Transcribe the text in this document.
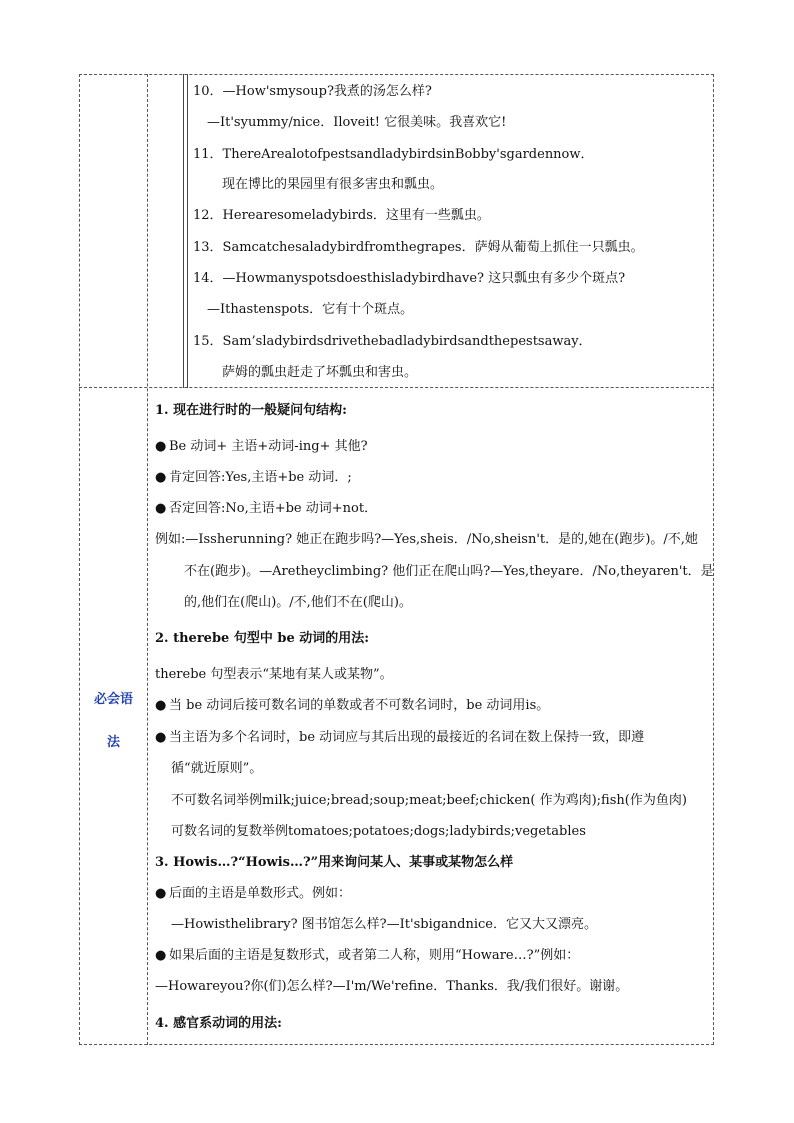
10．—How'smysoup?我煮的汤怎么样?
—It'syummy/nice．Iloveit! 它很美味。我喜欢它!
11．ThereArealotofpestsandladybirdsinBobby'sgardennow．
现在博比的果园里有很多害虫和瓢虫。
12．Herearesomeladybirds．这里有一些瓢虫。
13．Samcatchesaladybirdfromthegrapes．萨姆从葡萄上抓住一只瓢虫。
14．—Howmanyspotsdoesthisladybirdhave? 这只瓢虫有多少个斑点?
—Ithastenspots．它有十个斑点。
15．Sam’sladybirdsdrivethebadladybirdsandthepestsaway．
萨姆的瓢虫赶走了坏瓢虫和害虫。
必会语
法
1. 现在进行时的一般疑问句结构:
● Be 动词+ 主语+动词-ing+ 其他?
● 肯定回答:Yes,主语+be 动词．;
● 否定回答:No,主语+be 动词+not．
例如:—Issherunning? 她正在跑步吗?—Yes,sheis．/No,sheisn't．是的,她在(跑步)。/不,她
不在(跑步)。—Aretheyclimbing? 他们正在爬山吗?—Yes,theyare．/No,theyaren't．是
的,他们在(爬山)。/不,他们不在(爬山)。
2. therebe 句型中 be 动词的用法:
therebe 句型表示“某地有某人或某物”。
● 当 be 动词后接可数名词的单数或者不可数名词时，be 动词用is。
● 当主语为多个名词时，be 动词应与其后出现的最接近的名词在数上保持一致，即遵
循“就近原则”。
不可数名词举例milk;juice;bread;soup;meat;beef;chicken( 作为鸡肉);fish(作为鱼肉)
可数名词的复数举例tomatoes;potatoes;dogs;ladybirds;vegetables
3. Howis…?“Howis…?”用来询问某人、某事或某物怎么样
● 后面的主语是单数形式。例如：
—Howisthelibrary? 图书馆怎么样?—It'sbigandnice．它又大又漂亮。
● 如果后面的主语是复数形式，或者第二人称，则用“Howare…?”例如：
—Howareyou?你(们)怎么样?—I'm/We'refine．Thanks．我/我们很好。谢谢。
4. 感官系动词的用法:
